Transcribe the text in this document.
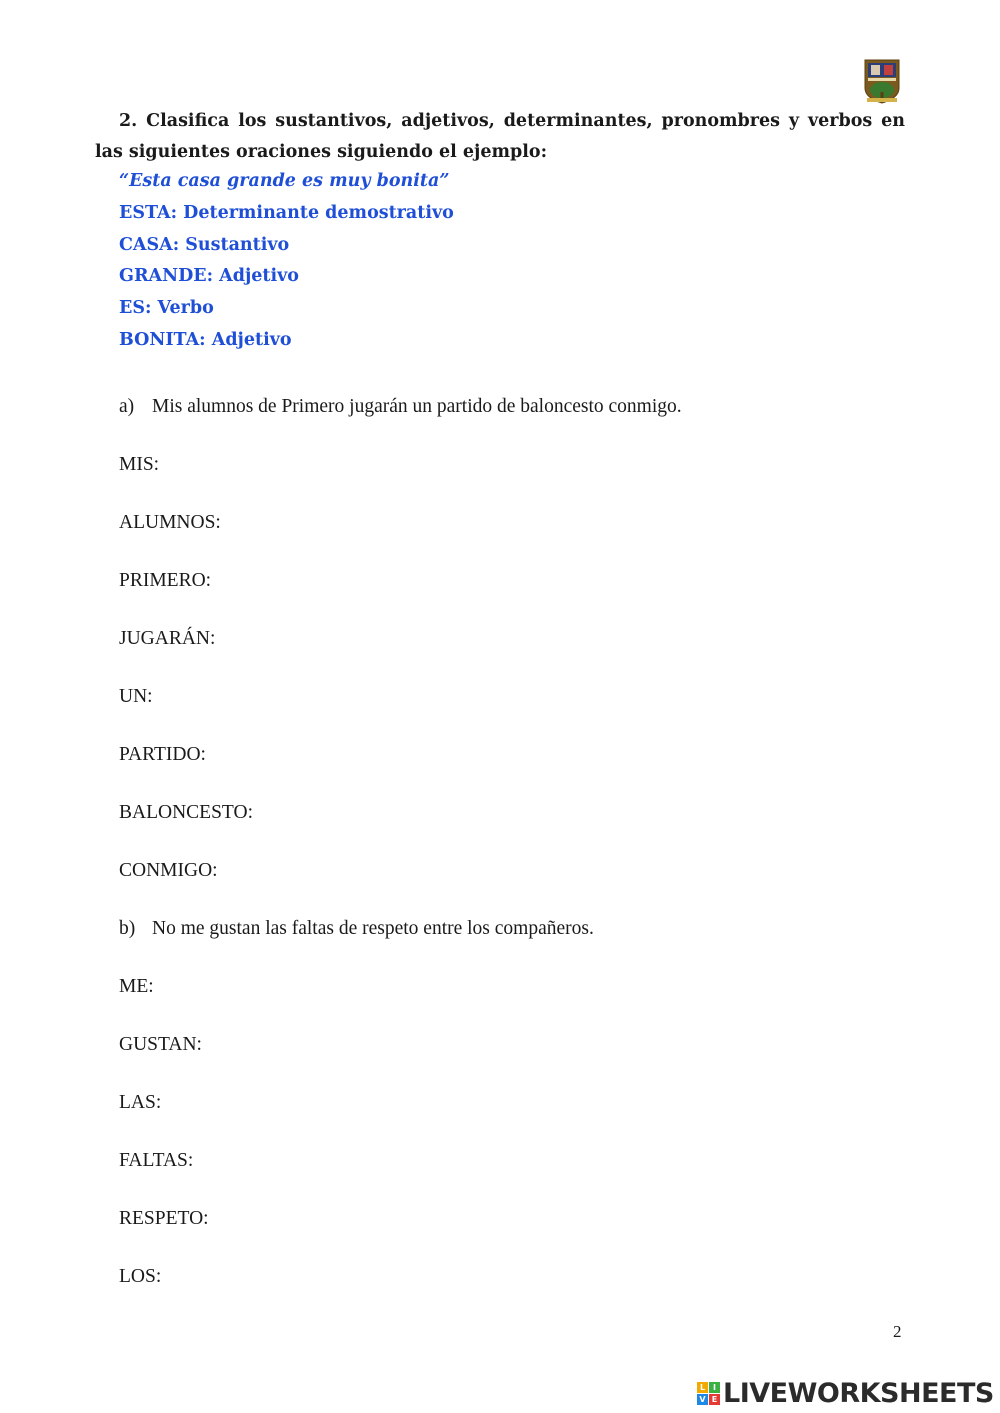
2. Clasifica los sustantivos, adjetivos, determinantes, pronombres y verbos en las siguientes oraciones siguiendo el ejemplo:

“Esta casa grande es muy bonita”
ESTA: Determinante demostrativo
CASA: Sustantivo
GRANDE: Adjetivo
ES: Verbo
BONITA: Adjetivo
a) Mis alumnos de Primero jugarán un partido de baloncesto conmigo.
MIS:
ALUMNOS:
PRIMERO:
JUGARÁN:
UN:
PARTIDO:
BALONCESTO:
CONMIGO:
b) No me gustan las faltas de respeto entre los compañeros.
ME:
GUSTAN:
LAS:
FALTAS:
RESPETO:
LOS:
2
L I
V E LIVEWORKSHEETS
